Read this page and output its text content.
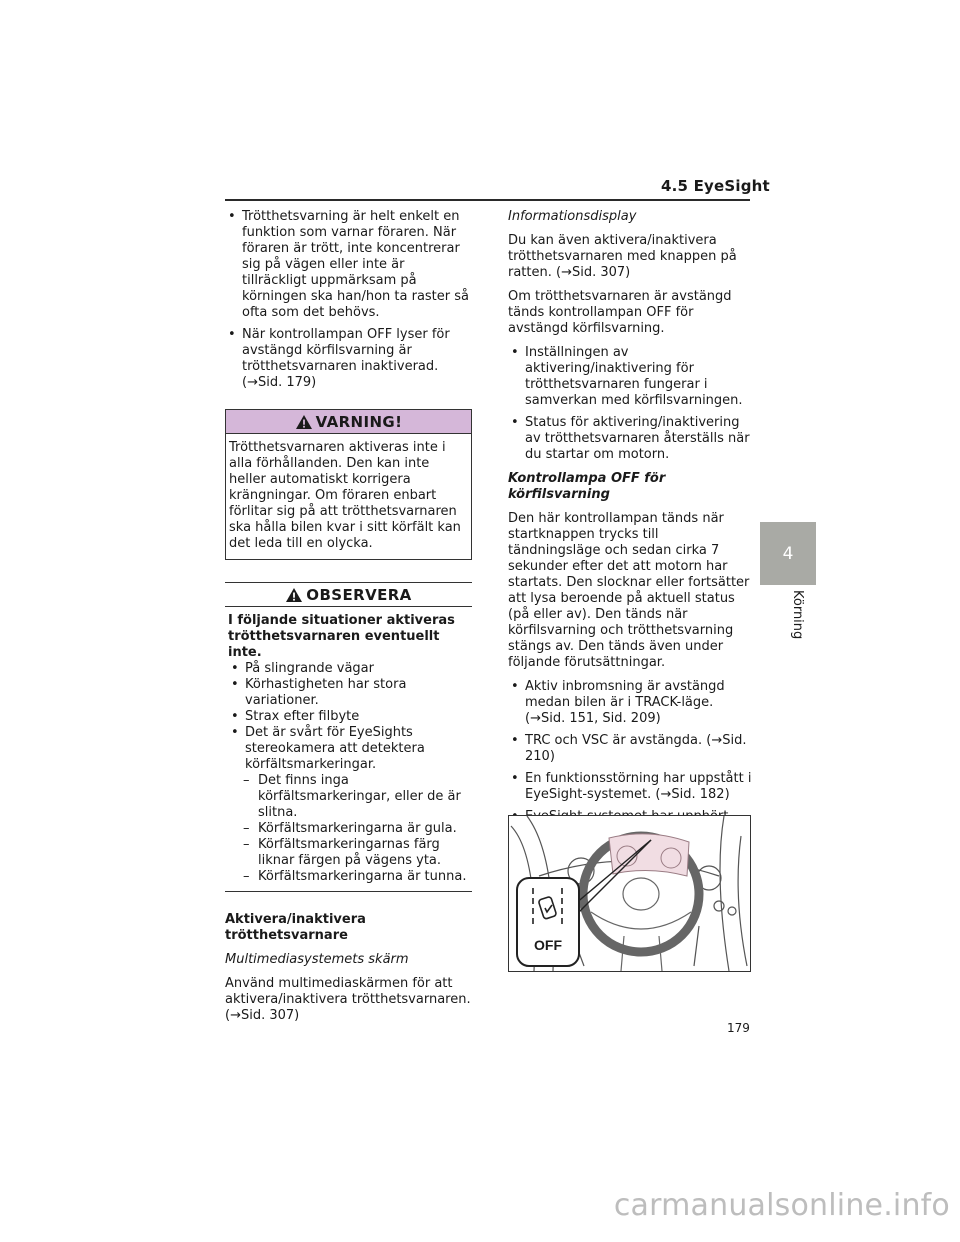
4.5 EyeSight
• Trötthetsvarning är helt enkelt en funktion som varnar föraren. När föraren är trött, inte koncentrerar sig på vägen eller inte är tillräckligt uppmärksam på körningen ska han/hon ta raster så ofta som det behövs.
• När kontrollampan OFF lyser för avstängd körfilsvarning är trötthetsvarnaren inaktiverad. (→Sid. 179)
VARNING!
Trötthetsvarnaren aktiveras inte i alla förhållanden. Den kan inte heller automatiskt korrigera krängningar. Om föraren enbart förlitar sig på att trötthetsvarnaren ska hålla bilen kvar i sitt körfält kan det leda till en olycka.
OBSERVERA
I följande situationer aktiveras trötthetsvarnaren eventuellt inte.
• På slingrande vägar
• Körhastigheten har stora variationer.
• Strax efter filbyte
• Det är svårt för EyeSights stereokamera att detektera körfältsmarkeringar.
– Det finns inga körfältsmarkeringar, eller de är slitna.
– Körfältsmarkeringarna är gula.
– Körfältsmarkeringarnas färg liknar färgen på vägens yta.
– Körfältsmarkeringarna är tunna.
Aktivera/inaktivera trötthetsvarnare

Multimediasystemets skärm

Använd multimediaskärmen för att aktivera/inaktivera trötthetsvarnaren. (→Sid. 307)

Informationsdisplay

Du kan även aktivera/inaktivera trötthetsvarnaren med knappen på ratten. (→Sid. 307)

Om trötthetsvarnaren är avstängd tänds kontrollampan OFF för avstängd körfilsvarning.

• Inställningen av aktivering/inaktivering för trötthetsvarnaren fungerar i samverkan med körfilsvarningen.
• Status för aktivering/inaktivering av trötthetsvarnaren återställs när du startar om motorn.

Kontrollampa OFF för körfilsvarning

Den här kontrollampan tänds när startknappen trycks till tändningsläge och sedan cirka 7 sekunder efter det att motorn har startats. Den slocknar eller fortsätter att lysa beroende på aktuell status (på eller av). Den tänds när körfilsvarning och trötthetsvarning stängs av. Den tänds även under följande förutsättningar.

• Aktiv inbromsning är avstängd medan bilen är i TRACK-läge. (→Sid. 151, Sid. 209)
• TRC och VSC är avstängda. (→Sid. 210)
• En funktionsstörning har uppstått i EyeSight-systemet. (→Sid. 182)
•
OFF
4
Körning
179
carmanualsonline.info
